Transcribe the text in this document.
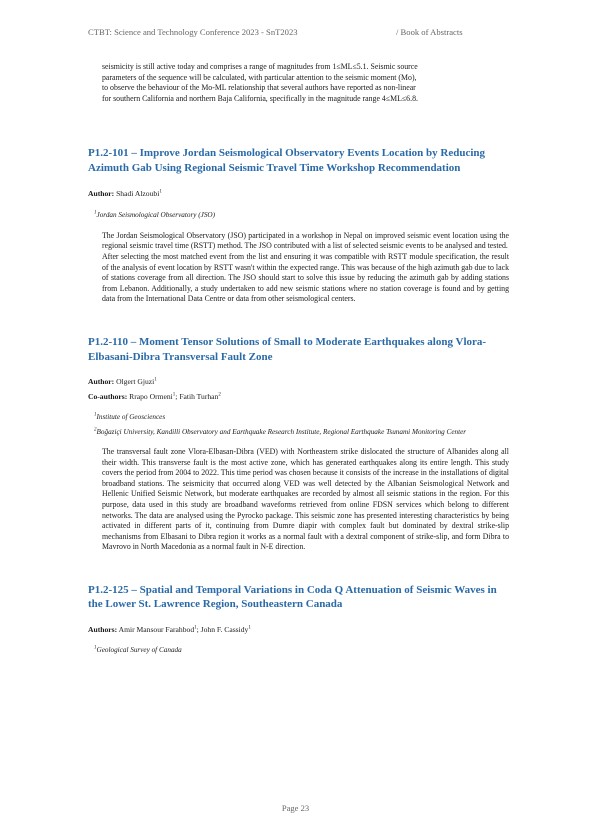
CTBT: Science and Technology Conference 2023 - SnT2023	/ Book of Abstracts
seismicity is still active today and comprises a range of magnitudes from 1≤ML≤5.1. Seismic source
parameters of the sequence will be calculated, with particular attention to the seismic moment (Mo),
to observe the behaviour of the Mo-ML relationship that several authors have reported as non-linear
for southern California and northern Baja California, specifically in the magnitude range 4≤ML≤6.8.
P1.2-101 – Improve Jordan Seismological Observatory Events Location by Reducing Azimuth Gab Using Regional Seismic Travel Time Workshop Recommendation
Author: Shadi Alzoubi$^1$
$^1$Jordan Seismological Observatory (JSO)

The Jordan Seismological Observatory (JSO) participated in a workshop in Nepal on improved seismic event location using the regional seismic travel time (RSTT) method. The JSO contributed with a list of selected seismic events to be analysed and tested.

After selecting the most matched event from the list and ensuring it was compatible with RSTT module specification, the result of the analysis of event location by RSTT wasn't within the expected range. This was because of the high azimuth gab due to lack of stations coverage from all direction. The JSO should start to solve this issue by reducing the azimuth gab by adding stations from Lebanon. Additionally, a study undertaken to add new seismic stations where no station coverage is found and by getting data from the International Data Centre or data from other seismological centers.

P1.2-110 – Moment Tensor Solutions of Small to Moderate Earthquakes along Vlora-Elbasani-Dibra Transversal Fault Zone
Author: Olgert Gjuzi$^1$
Co-authors: Rrapo Ormeni$^1$; Fatih Turhan$^2$
$^1$Institute of Geosciences
$^2$Boğaziçi University, Kandilli Observatory and Earthquake Research Institute, Regional Earthquake Tsunami Monitoring Center

The transversal fault zone Vlora-Elbasan-Dibra (VED) with Northeastern strike dislocated the structure of Albanides along all their width. This transverse fault is the most active zone, which has generated earthquakes along its entire length. This study covers the period from 2004 to 2022. This time period was chosen because it consists of the increase in the installations of digital broadband stations. The seismicity that occurred along VED was well detected by the Albanian Seismological Network and Hellenic Unified Seismic Network, but moderate earthquakes are recorded by almost all seismic stations in the region. For this purpose, data used in this study are broadband waveforms retrieved from online FDSN services which belong to different networks. The data are analysed using the Pyrocko package. This seismic zone has presented interesting characteristics by being activated in different parts of it, continuing from Dumre diapir with complex fault but dominated by dextral strike-slip mechanisms from Elbasani to Dibra region it works as a normal fault with a dextral component of strike-slip, and form Dibra to Mavrovo in North Macedonia as a normal fault in N-E direction.

P1.2-125 – Spatial and Temporal Variations in Coda Q Attenuation of Seismic Waves in the Lower St. Lawrence Region, Southeastern Canada
Authors: Amir Mansour Farahbod$^1$; John F. Cassidy$^1$
$^1$Geological Survey of Canada
Page 23
